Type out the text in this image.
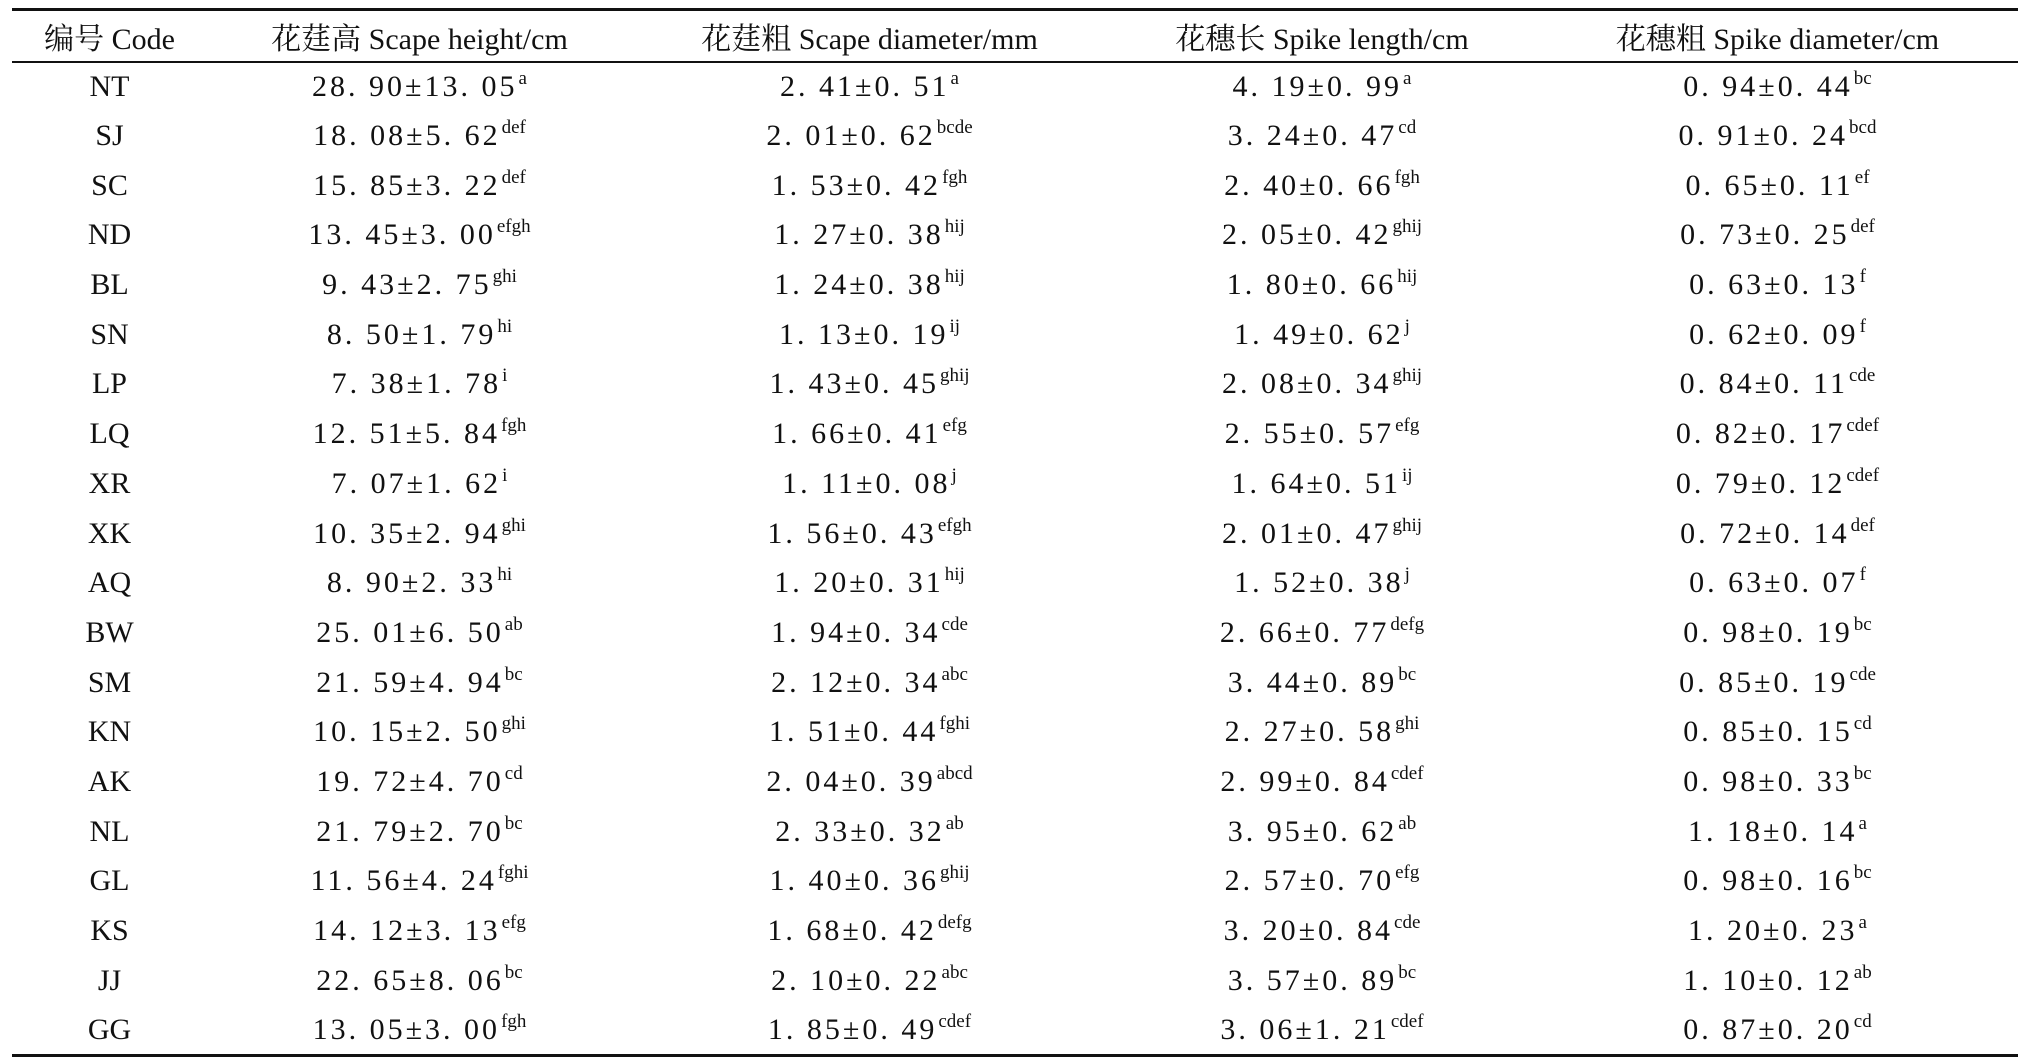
编号 Code	花莛高 Scape height/cm	花莛粗 Scape diameter/mm	花穗长 Spike length/cm	花穗粗 Spike diameter/cm
NT	28. 90±13. 05$^a$	2. 41±0. 51$^a$	4. 19±0. 99$^a$	0. 94±0. $44^{bc}$
SJ	18. 08±5. $62^{def}$	2. 01±0. $62^{bcde}$	3. 24±0. $47^{cd}$	0. 91±0. $24^{bcd}$
SC	15. 85±3. $22^{def}$	1. 53±0. $42^{fgh}$	2. 40±0. $66^{fgh}$	0. 65±0. $11^{ef}$
ND	13. 45±3. $00^{efgh}$	1. 27±0. $38^{hij}$	2. 05±0. $42^{ghij}$	0. 73±0. $25^{def}$
BL	9. 43±2. $75^{ghi}$	1. 24±0. $38^{hij}$	1. 80±0. $66^{hij}$	0. 63±0. 13$^f$
SN	8. 50±1. $79^{hi}$	1. 13±0. $19^{ij}$	1. 49±0. 62$^j$	0. 62±0. 09$^f$
LP	7. 38±1. 78$^i$	1. 43±0. $45^{ghij}$	2. 08±0. $34^{ghij}$	0. 84±0. $11^{cde}$
LQ	12. 51±5. $84^{fgh}$	1. 66±0. $41^{efg}$	2. 55±0. $57^{efg}$	0. 82±0. $17^{cdef}$
XR	7. 07±1. 62$^i$	1. 11±0. 08$^j$	1. 64±0. $51^{ij}$	0. 79±0. $12^{cdef}$
XK	10. 35±2. $94^{ghi}$	1. 56±0. $43^{efgh}$	2. 01±0. $47^{ghij}$	0. 72±0. $14^{def}$
AQ	8. 90±2. $33^{hi}$	1. 20±0. $31^{hij}$	1. 52±0. 38$^j$	0. 63±0. 07$^f$
BW	25. 01±6. $50^{ab}$	1. 94±0. $34^{cde}$	2. 66±0. $77^{defg}$	0. 98±0. $19^{bc}$
SM	21. 59±4. $94^{bc}$	2. 12±0. $34^{abc}$	3. 44±0. $89^{bc}$	0. 85±0. $19^{cde}$
KN	10. 15±2. $50^{ghi}$	1. 51±0. $44^{fghi}$	2. 27±0. $58^{ghi}$	0. 85±0. $15^{cd}$
AK	19. 72±4. $70^{cd}$	2. 04±0. $39^{abcd}$	2. 99±0. $84^{cdef}$	0. 98±0. $33^{bc}$
NL	21. 79±2. $70^{bc}$	2. 33±0. $32^{ab}$	3. 95±0. $62^{ab}$	1. 18±0. 14$^a$
GL	11. 56±4. $24^{fghi}$	1. 40±0. $36^{ghij}$	2. 57±0. $70^{efg}$	0. 98±0. $16^{bc}$
KS	14. 12±3. $13^{efg}$	1. 68±0. $42^{defg}$	3. 20±0. $84^{cde}$	1. 20±0. 23$^a$
JJ	22. 65±8. $06^{bc}$	2. 10±0. $22^{abc}$	3. 57±0. $89^{bc}$	1. 10±0. $12^{ab}$
GG	13. 05±3. $00^{fgh}$	1. 85±0. $49^{cdef}$	3. 06±1. $21^{cdef}$	0. 87±0. $20^{cd}$
